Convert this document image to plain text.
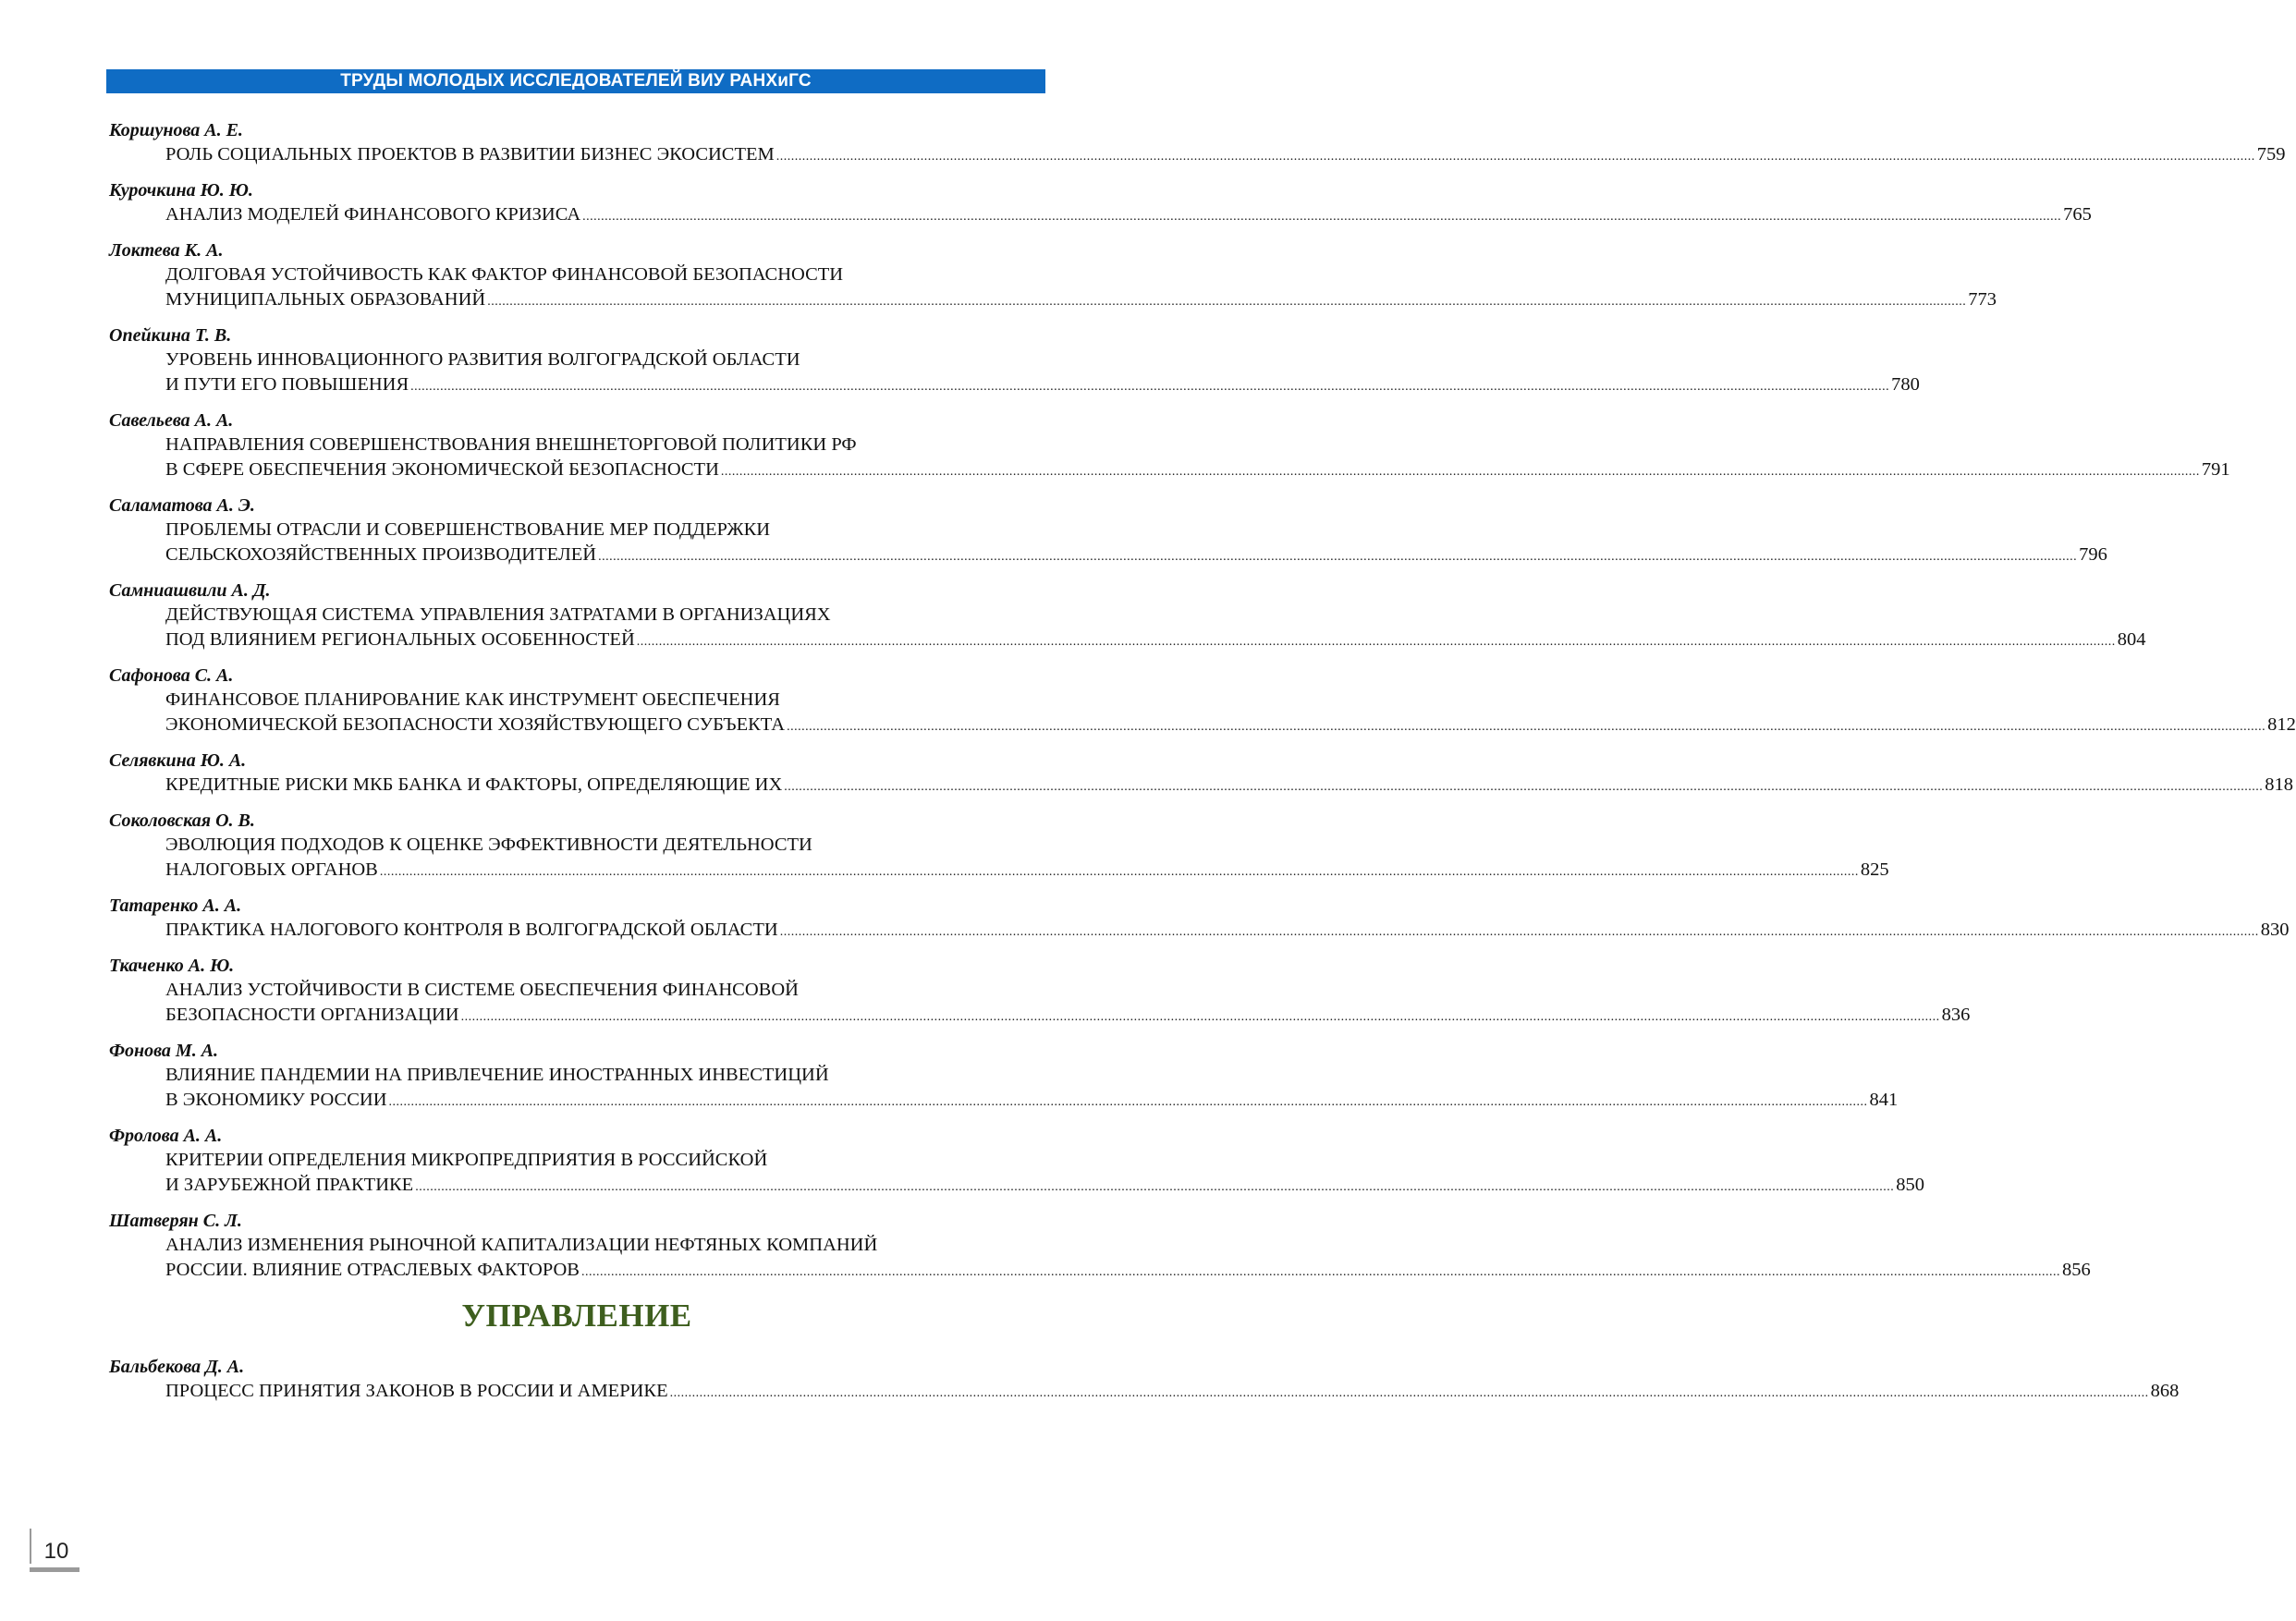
ТРУДЫ МОЛОДЫХ ИССЛЕДОВАТЕЛЕЙ ВИУ РАНХиГС
Коршунова А. Е.
РОЛЬ СОЦИАЛЬНЫХ ПРОЕКТОВ В РАЗВИТИИ БИЗНЕС ЭКОСИСТЕМ ................................................................................................................................................................................................................................................................................................................................................................................................................ 759
Курочкина Ю. Ю.
АНАЛИЗ МОДЕЛЕЙ ФИНАНСОВОГО КРИЗИСА ................................................................................................................................................................................................................................................................................................................................................................................................................ 765
Локтева К. А.
ДОЛГОВАЯ УСТОЙЧИВОСТЬ КАК ФАКТОР ФИНАНСОВОЙ БЕЗОПАСНОСТИ
МУНИЦИПАЛЬНЫХ ОБРАЗОВАНИЙ ................................................................................................................................................................................................................................................................................................................................................................................................................ 773
Опейкина Т. В.
УРОВЕНЬ ИННОВАЦИОННОГО РАЗВИТИЯ ВОЛГОГРАДСКОЙ ОБЛАСТИ
И ПУТИ ЕГО ПОВЫШЕНИЯ ................................................................................................................................................................................................................................................................................................................................................................................................................ 780
Савельева А. А.
НАПРАВЛЕНИЯ СОВЕРШЕНСТВОВАНИЯ ВНЕШНЕТОРГОВОЙ ПОЛИТИКИ РФ
В СФЕРЕ ОБЕСПЕЧЕНИЯ ЭКОНОМИЧЕСКОЙ БЕЗОПАСНОСТИ ................................................................................................................................................................................................................................................................................................................................................................................................................ 791
Саламатова А. Э.
ПРОБЛЕМЫ ОТРАСЛИ И СОВЕРШЕНСТВОВАНИЕ МЕР ПОДДЕРЖКИ
СЕЛЬСКОХОЗЯЙСТВЕННЫХ ПРОИЗВОДИТЕЛЕЙ ................................................................................................................................................................................................................................................................................................................................................................................................................ 796
Самниашвили А. Д.
ДЕЙСТВУЮЩАЯ СИСТЕМА УПРАВЛЕНИЯ ЗАТРАТАМИ В ОРГАНИЗАЦИЯХ
ПОД ВЛИЯНИЕМ РЕГИОНАЛЬНЫХ ОСОБЕННОСТЕЙ ................................................................................................................................................................................................................................................................................................................................................................................................................ 804
Сафонова С. А.
ФИНАНСОВОЕ ПЛАНИРОВАНИЕ КАК ИНСТРУМЕНТ ОБЕСПЕЧЕНИЯ
ЭКОНОМИЧЕСКОЙ БЕЗОПАСНОСТИ ХОЗЯЙСТВУЮЩЕГО СУБЪЕКТА ................................................................................................................................................................................................................................................................................................................................................................................................................ 812
Селявкина Ю. А.
КРЕДИТНЫЕ РИСКИ МКБ БАНКА И ФАКТОРЫ, ОПРЕДЕЛЯЮЩИЕ ИХ ................................................................................................................................................................................................................................................................................................................................................................................................................ 818
Соколовская О. В.
ЭВОЛЮЦИЯ ПОДХОДОВ К ОЦЕНКЕ ЭФФЕКТИВНОСТИ ДЕЯТЕЛЬНОСТИ
НАЛОГОВЫХ ОРГАНОВ ................................................................................................................................................................................................................................................................................................................................................................................................................ 825
Татаренко А. А.
ПРАКТИКА НАЛОГОВОГО КОНТРОЛЯ В ВОЛГОГРАДСКОЙ ОБЛАСТИ ................................................................................................................................................................................................................................................................................................................................................................................................................ 830
Ткаченко А. Ю.
АНАЛИЗ УСТОЙЧИВОСТИ В СИСТЕМЕ ОБЕСПЕЧЕНИЯ ФИНАНСОВОЙ
БЕЗОПАСНОСТИ ОРГАНИЗАЦИИ ................................................................................................................................................................................................................................................................................................................................................................................................................ 836
Фонова М. А.
ВЛИЯНИЕ ПАНДЕМИИ НА ПРИВЛЕЧЕНИЕ ИНОСТРАННЫХ ИНВЕСТИЦИЙ
В ЭКОНОМИКУ РОССИИ ................................................................................................................................................................................................................................................................................................................................................................................................................ 841
Фролова А. А.
КРИТЕРИИ ОПРЕДЕЛЕНИЯ МИКРОПРЕДПРИЯТИЯ В РОССИЙСКОЙ
И ЗАРУБЕЖНОЙ ПРАКТИКЕ ................................................................................................................................................................................................................................................................................................................................................................................................................ 850
Шатверян С. Л.
АНАЛИЗ ИЗМЕНЕНИЯ РЫНОЧНОЙ КАПИТАЛИЗАЦИИ НЕФТЯНЫХ КОМПАНИЙ
РОССИИ. ВЛИЯНИЕ ОТРАСЛЕВЫХ ФАКТОРОВ ................................................................................................................................................................................................................................................................................................................................................................................................................ 856
УПРАВЛЕНИЕ
Бальбекова Д. А.
ПРОЦЕСС ПРИНЯТИЯ ЗАКОНОВ В РОССИИ И АМЕРИКЕ ................................................................................................................................................................................................................................................................................................................................................................................................................ 868
10
